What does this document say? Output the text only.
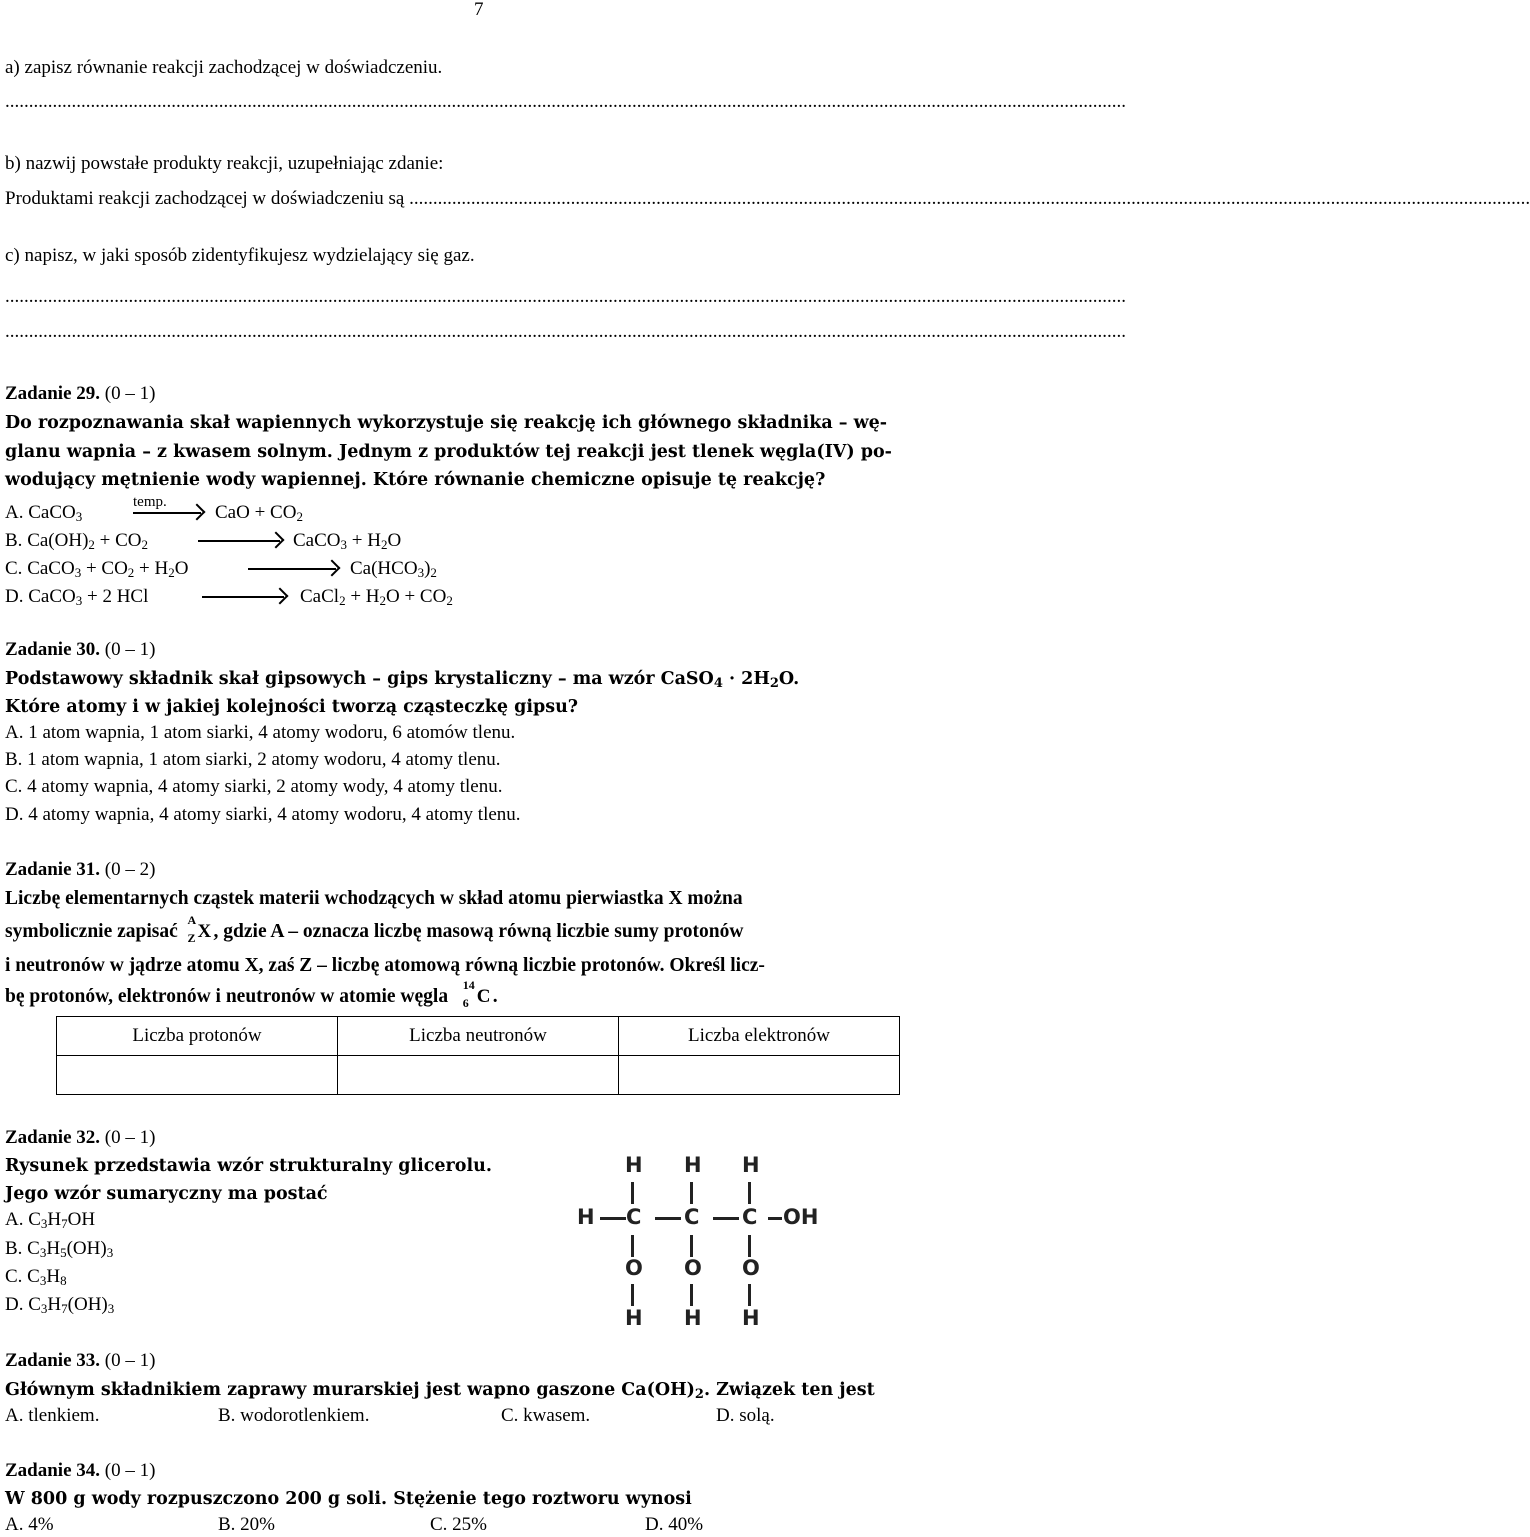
7
a) zapisz równanie reakcji zachodzącej w doświadczeniu.
............................................................................................................................................................................................................................................
b) nazwij powstałe produkty reakcji, uzupełniając zdanie:
Produktami reakcji zachodzącej w doświadczeniu są ............................................................................................................................................................................................................................................
c) napisz, w jaki sposób zidentyfikujesz wydzielający się gaz.
............................................................................................................................................................................................................................................
............................................................................................................................................................................................................................................
Zadanie 29. (0 – 1)
Do rozpoznawania skał wapiennych wykorzystuje się reakcję ich głównego składnika – wę-
glanu wapnia – z kwasem solnym. Jednym z produktów tej reakcji jest tlenek węgla(IV) po-
wodujący mętnienie wody wapiennej. Które równanie chemiczne opisuje tę reakcję?
A. CaCO$_3$
temp.	CaO + $CO_2$
B. $Ca(OH)_2 + CO_2$	CaCO$_3$ + $H_2O$
C. CaCO$_3$ + $CO_2 + H_2O$	$Ca(HCO_3)_2$
D. CaCO$_3$ + 2 HCl	CaCl$_2$ + $H_2O + CO_2$
Zadanie 30. (0 – 1)
Podstawowy składnik skał gipsowych – gips krystaliczny – ma wzór CaSO$_4$ · $2H_2O$.
Które atomy i w jakiej kolejności tworzą cząsteczkę gipsu?
A. 1 atom wapnia, 1 atom siarki, 4 atomy wodoru, 6 atomów tlenu.
B. 1 atom wapnia, 1 atom siarki, 2 atomy wodoru, 4 atomy tlenu.
C. 4 atomy wapnia, 4 atomy siarki, 2 atomy wody, 4 atomy tlenu.
D. 4 atomy wapnia, 4 atomy siarki, 4 atomy wodoru, 4 atomy tlenu.
Zadanie 31. (0 – 2)
Liczbę elementarnych cząstek materii wchodzących w skład atomu pierwiastka X można
symbolicznie zapisać
A
Z X , gdzie A – oznacza liczbę masową równą liczbie sumy protonów
i neutronów w jądrze atomu X, zaś Z – liczbę atomową równą liczbie protonów. Określ licz-
bę protonów, elektronów i neutronów w atomie węgla
14
6 C .
Liczba protonów	Liczba neutronów	Liczba elektronów

Zadanie 32. (0 – 1)
Rysunek przedstawia wzór strukturalny glicerolu.
Jego wzór sumaryczny ma postać
A. $C_3H_7OH$
B. $C_3H_5(OH)_3$
C. $C_3H_8$
D. $C_3H_7(OH)_3$
H H H
H C C C OH
O O O
H H H
Zadanie 33. (0 – 1)
Głównym składnikiem zaprawy murarskiej jest wapno gaszone $Ca(OH)_2$. Związek ten jest
A. tlenkiem.	B. wodorotlenkiem.	C. kwasem.	D. solą.
Zadanie 34. (0 – 1)
W 800 g wody rozpuszczono 200 g soli. Stężenie tego roztworu wynosi
A. 4%	B. 20%	C. 25%	D. 40%
